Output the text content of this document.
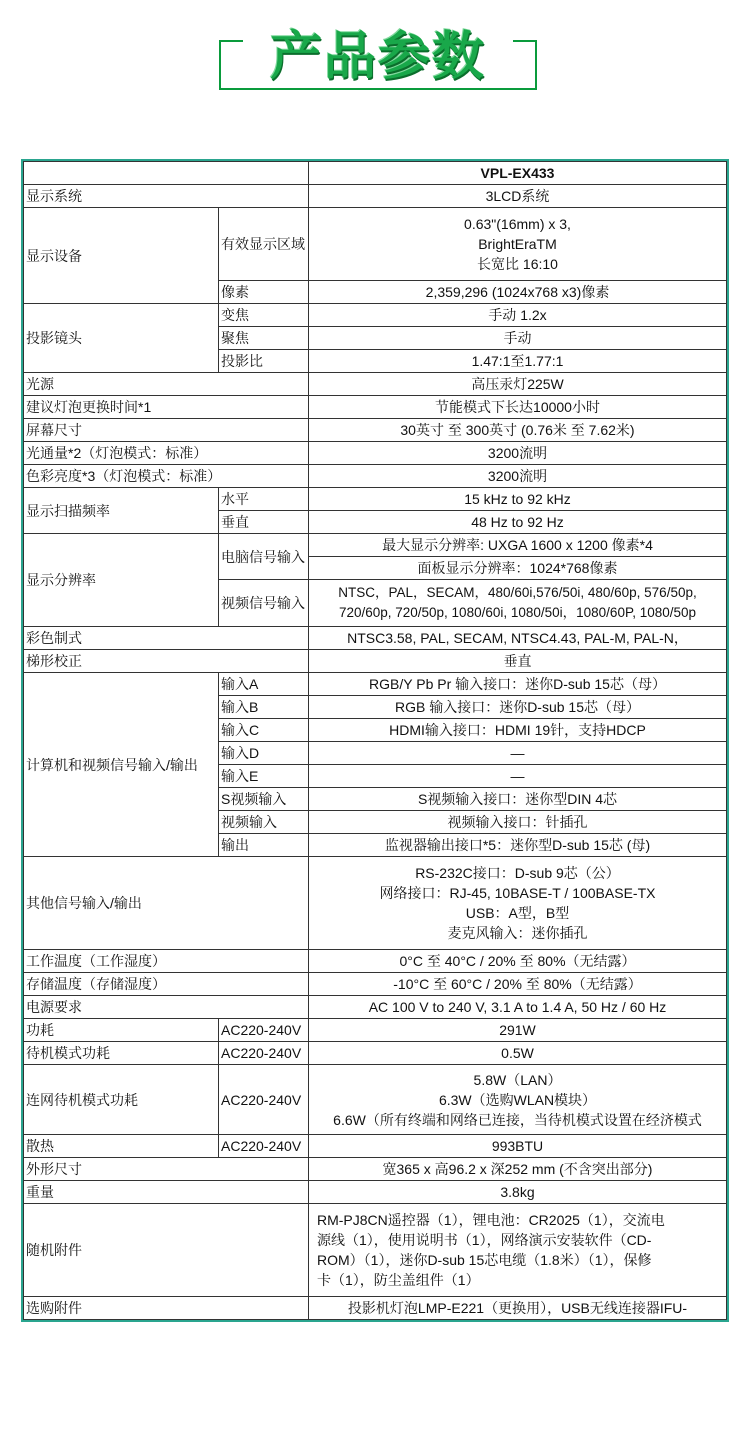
产品参数
		VPL-EX433
显示系统		3LCD系统
显示设备	有效显示区域	0.63"(16mm) x 3,
BrightEraTM
长宽比 16:10

	像素	2,359,296 (1024x768 x3)像素
投影镜头	变焦	手动 1.2x
	聚焦	手动
	投影比	1.47:1至1.77:1
光源		高压汞灯225W
建议灯泡更换时间*1		节能模式下长达10000小时
屏幕尺寸		30英寸 至 300英寸 (0.76米 至 7.62米)
光通量*2（灯泡模式：标准）		3200流明
色彩亮度*3（灯泡模式：标准）		3200流明
显示扫描频率	水平	15 kHz to 92 kHz
	垂直	48 Hz to 92 Hz
显示分辨率	电脑信号输入	最大显示分辨率: UXGA 1600 x 1200 像素*4
		面板显示分辨率：1024*768像素
	视频信号输入	NTSC，PAL，SECAM，480/60i,576/50i, 480/60p, 576/50p,
720/60p, 720/50p, 1080/60i, 1080/50i，1080/60P, 1080/50p

彩色制式		NTSC3.58, PAL, SECAM, NTSC4.43, PAL-M, PAL-N，
梯形校正		垂直
计算机和视频信号输入/输出	输入A	RGB/Y Pb Pr 输入接口：迷你D-sub 15芯（母）
	输入B	RGB 输入接口：迷你D-sub 15芯（母）
	输入C	HDMI输入接口：HDMI 19针，支持HDCP
	输入D	—
	输入E	—
	S视频输入	S视频输入接口：迷你型DIN 4芯
	视频输入	视频输入接口：针插孔
	输出	监视器输出接口*5：迷你型D-sub 15芯 (母)
其他信号输入/输出		RS-232C接口：D-sub 9芯（公）
网络接口：RJ-45, 10BASE-T / 100BASE-TX
USB：A型，B型
麦克风输入：迷你插孔

工作温度（工作湿度）		0°C 至 40°C / 20% 至 80%（无结露）
存储温度（存储湿度）		-10°C 至 60°C / 20% 至 80%（无结露）
电源要求		AC 100 V to 240 V, 3.1 A to 1.4 A, 50 Hz / 60 Hz
功耗	AC220-240V	291W
待机模式功耗	AC220-240V	0.5W
连网待机模式功耗	AC220-240V	5.8W（LAN）
6.3W（选购WLAN模块）
6.6W（所有终端和网络已连接，当待机模式设置在经济模式

散热	AC220-240V	993BTU
外形尺寸		宽365 x 高96.2 x 深252 mm (不含突出部分)
重量		3.8kg
随机附件		RM-PJ8CN遥控器（1），锂电池：CR2025（1），交流电
源线（1），使用说明书（1），网络演示安装软件（CD-
ROM）（1），迷你D-sub 15芯电缆（1.8米）（1），保修
卡（1），防尘盖组件（1）

选购附件		投影机灯泡LMP-E221（更换用），USB无线连接器IFU-
